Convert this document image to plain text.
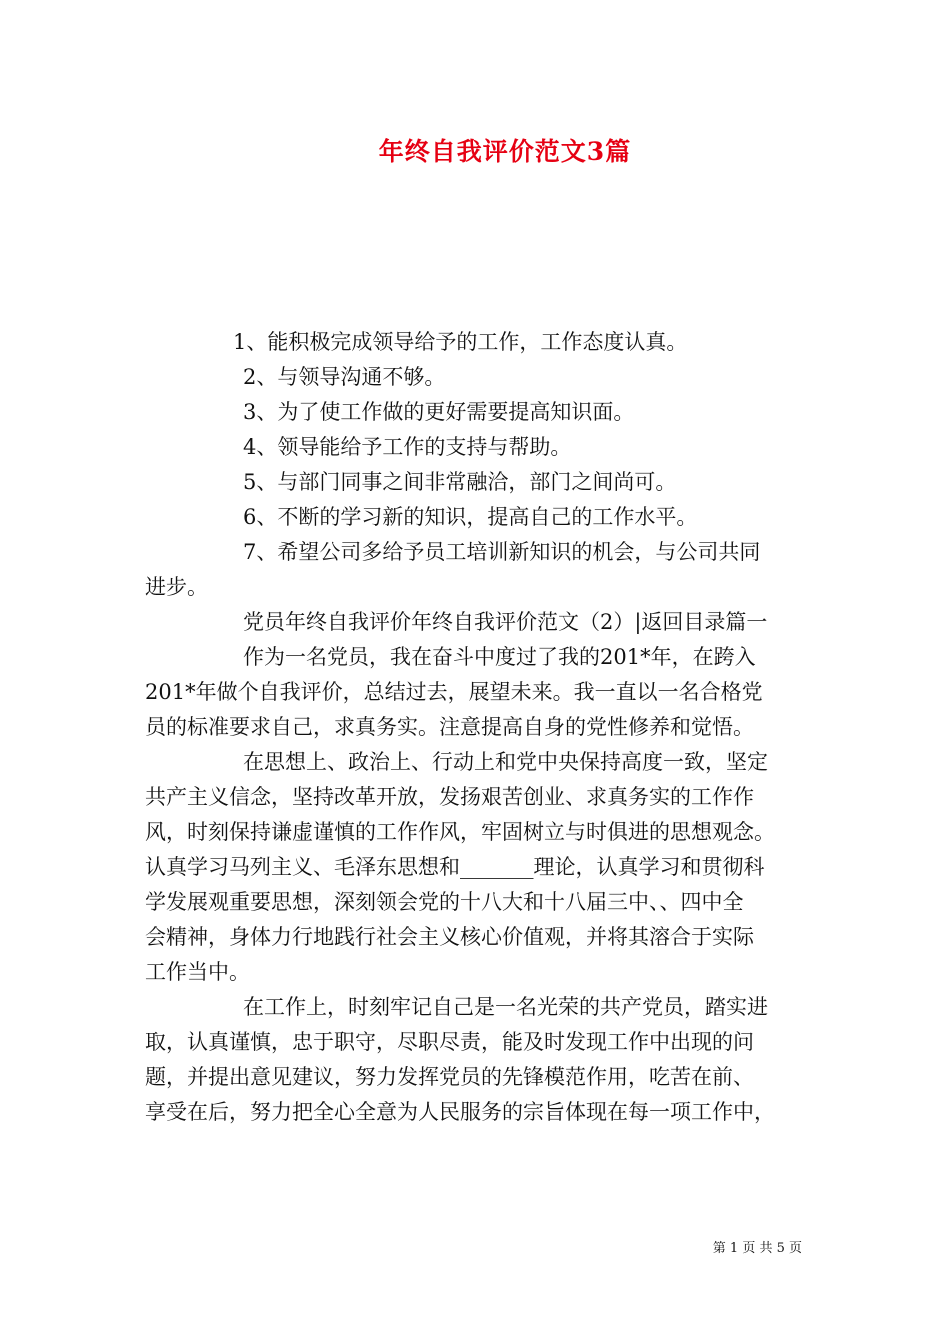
年终自我评价范文3篇
1、能积极完成领导给予的工作，工作态度认真。
2、与领导沟通不够。
3、为了使工作做的更好需要提高知识面。
4、领导能给予工作的支持与帮助。
5、与部门同事之间非常融洽，部门之间尚可。
6、不断的学习新的知识，提高自己的工作水平。
7、希望公司多给予员工培训新知识的机会，与公司共同
进步。
党员年终自我评价年终自我评价范文（2）|返回目录篇一
作为一名党员，我在奋斗中度过了我的201*年，在跨入
201*年做个自我评价，总结过去，展望未来。我一直以一名合格党
员的标准要求自己，求真务实。注意提高自身的党性修养和觉悟。
在思想上、政治上、行动上和党中央保持高度一致，坚定
共产主义信念，坚持改革开放，发扬艰苦创业、求真务实的工作作
风，时刻保持谦虚谨慎的工作作风，牢固树立与时俱进的思想观念。
认真学习马列主义、毛泽东思想和_______理论，认真学习和贯彻科
学发展观重要思想，深刻领会党的十八大和十八届三中、、四中全
会精神，身体力行地践行社会主义核心价值观，并将其溶合于实际
工作当中。
在工作上，时刻牢记自己是一名光荣的共产党员，踏实进
取，认真谨慎，忠于职守，尽职尽责，能及时发现工作中出现的问
题，并提出意见建议，努力发挥党员的先锋模范作用，吃苦在前、
享受在后，努力把全心全意为人民服务的宗旨体现在每一项工作中，
第 1 页 共 5 页
